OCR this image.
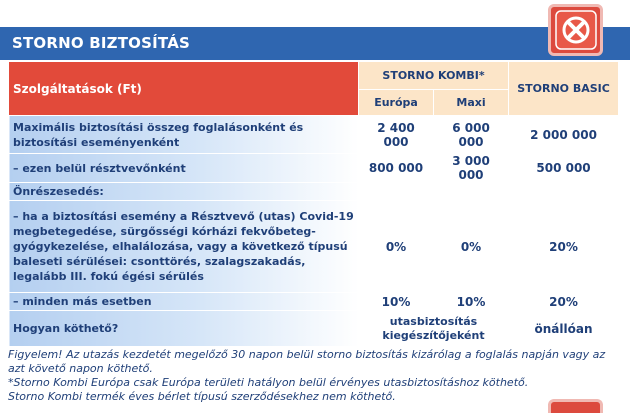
STORNO BIZTOSÍTÁS
Szolgáltatások (Ft)	STORNO KOMBI*		STORNO BASIC
	Európa	Maxi	
Maximális biztosítási összeg foglalásonként és biztosítási eseményenként	2 400 000	6 000 000	2 000 000
– ezen belül résztvevőnként	800 000	3 000 000	500 000
Önrészesedés:			
– ha a biztosítási esemény a Résztvevő (utas) Covid-19 megbetegedése, sürgősségi kórházi fekvőbeteg-gyógykezelése, elhalálozása, vagy a következő típusú baleseti sérülései: csonttörés, szalagszakadás, legalább III. fokú égési sérülés	0%	0%	20%
– minden más esetben	10%	10%	20%
Hogyan köthető?	utasbiztosítás kiegészítőjeként		önállóan
Figyelem! Az utazás kezdetét megelőző 30 napon belül storno biztosítás kizárólag a foglalás napján vagy az azt követő napon köthető.
*Storno Kombi Európa csak Európa területi hatályon belül érvényes utasbiztosításhoz köthető.
Storno Kombi termék éves bérlet típusú szerződésekhez nem köthető.
